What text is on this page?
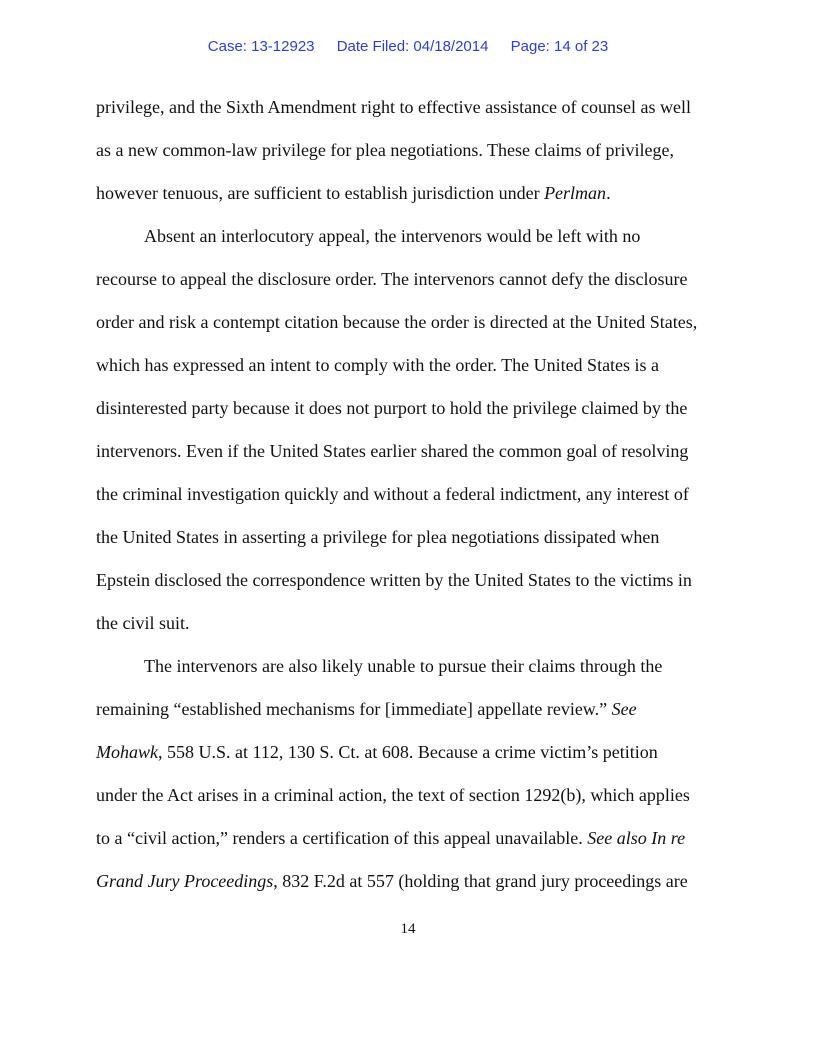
Case: 13-12923 Date Filed: 04/18/2014 Page: 14 of 23
privilege, and the Sixth Amendment right to effective assistance of counsel as well
as a new common-law privilege for plea negotiations. These claims of privilege,
however tenuous, are sufficient to establish jurisdiction under Perlman.
Absent an interlocutory appeal, the intervenors would be left with no
recourse to appeal the disclosure order. The intervenors cannot defy the disclosure
order and risk a contempt citation because the order is directed at the United States,
which has expressed an intent to comply with the order. The United States is a
disinterested party because it does not purport to hold the privilege claimed by the
intervenors. Even if the United States earlier shared the common goal of resolving
the criminal investigation quickly and without a federal indictment, any interest of
the United States in asserting a privilege for plea negotiations dissipated when
Epstein disclosed the correspondence written by the United States to the victims in
the civil suit.
The intervenors are also likely unable to pursue their claims through the
remaining “established mechanisms for [immediate] appellate review.” See
Mohawk, 558 U.S. at 112, 130 S. Ct. at 608. Because a crime victim’s petition
under the Act arises in a criminal action, the text of section 1292(b), which applies
to a “civil action,” renders a certification of this appeal unavailable. See also In re
Grand Jury Proceedings, 832 F.2d at 557 (holding that grand jury proceedings are
14
